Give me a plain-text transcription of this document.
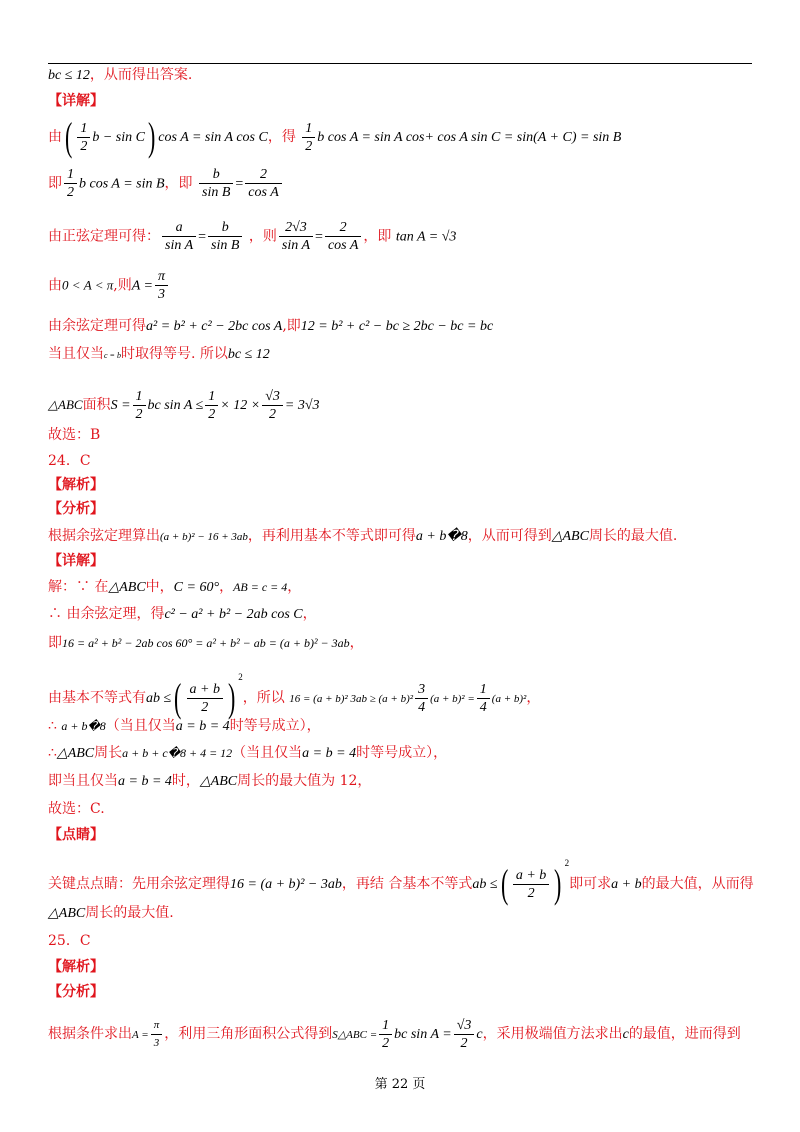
bc ≤ 12，从而得出答案.
【详解】
由( $\frac{1}{2}$ b − sin C) cos A = sin A cos C，得 $\frac{1}{2}$ b cos A = sin A cos+ cos A sin C = sin(A + C) = sin B
即 $\frac{1}{2}$ b cos A = sin B，即 $\frac{b}{\text{sin B}} = \frac{2}{\text{cos A}}$
由正弦定理可得： $\frac{a}{\text{sin A}} = \frac{b}{\text{sin B}}$ ，则 $\frac{2√3}{\text{sin A}} = \frac{2}{\text{cos A}}$ ，即 tan A = √3
由0 < A < π,则$A = \frac{\pi}{3}$
由余弦定理可得a² = b² + c² − 2bc cos A,即12 = b² + c² − bc ≥ 2bc − bc = bc
当且仅当c = b时取得等号. 所以bc ≤ 12
△ABC面积$S = \frac{1}{2}$ bc $\sin A \le \frac{1}{2} \times 12 \times \frac{√3}{2} = 3√3$
故选：B
24．C
【解析】
【分析】
根据余弦定理算出(a + b)² − 16 + 3ab，再利用基本不等式即可得a + b�8，从而可得到△ABC周长的最大值.
【详解】
解：∵ 在△ABC中，C = 60°，AB = c = 4，
∴ 由余弦定理，得c² − a² + b² − 2ab cos C，
即16 = a² + b² − 2ab cos 60° = a² + b² − ab = (a + b)² − 3ab，
由基本不等式有ab ≤( $\frac{a + b}{2}$ ) $^2$，所以 16 = (a + b)² $3ab \ge (a + b)^2 \frac{3}{4} (a + b)^2 = \frac{1}{4} (a + b)^2$，
∴ a + b�8（当且仅当a = b = 4时等号成立），
∴△ABC周长a + b + c�8 + 4 = 12（当且仅当a = b = 4时等号成立），
即当且仅当a = b = 4时，△ABC周长的最大值为 12，
故选：C.
【点睛】
关键点点睛：先用余弦定理得16 = (a + b)² − 3ab，再结 合基本不等式ab ≤( $\frac{a + b}{2}$ ) $^2$即可求a + b的最大值，从而得
△ABC周长的最大值.
25．C
【解析】
【分析】
根据条件求出$A = \frac{\pi}{3}$ ，利用三角形面积公式得到S△ABC = $\frac{1}{2}$ bc $\sin A = \frac{√3}{2}$ c，采用极端值方法求出c的最值，进而得到
第 22 页
